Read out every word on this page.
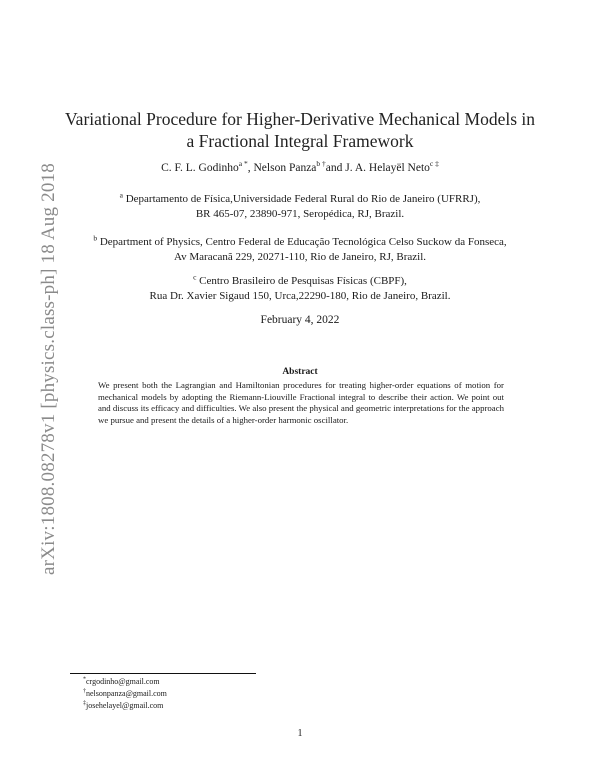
arXiv:1808.08278v1 [physics.class-ph] 18 Aug 2018
Variational Procedure for Higher-Derivative Mechanical Models in a Fractional Integral Framework
C. F. L. Godinho$^{a *}$, Nelson Panza$^{b \dagger}$and J. A. Helayël Neto$^{c \ddagger}$
$^a$ Departamento de Física,Universidade Federal Rural do Rio de Janeiro (UFRRJ),
BR 465-07, 23890-971, Seropédica, RJ, Brazil.
$^b$ Department of Physics, Centro Federal de Educação Tecnológica Celso Suckow da Fonseca,
Av Maracanã 229, 20271-110, Rio de Janeiro, RJ, Brazil.
$^c$ Centro Brasileiro de Pesquisas Físicas (CBPF),
Rua Dr. Xavier Sigaud 150, Urca,22290-180, Rio de Janeiro, Brazil.
February 4, 2022
Abstract
We present both the Lagrangian and Hamiltonian procedures for treating higher-order equations of motion for mechanical models by adopting the Riemann-Liouville Fractional integral to describe their action. We point out and discuss its efficacy and difficulties. We also present the physical and geometric interpretations for the approach we pursue and present the details of a higher-order harmonic oscillator.
*crgodinho@gmail.com
†nelsonpanza@gmail.com
‡josehelayel@gmail.com
1
